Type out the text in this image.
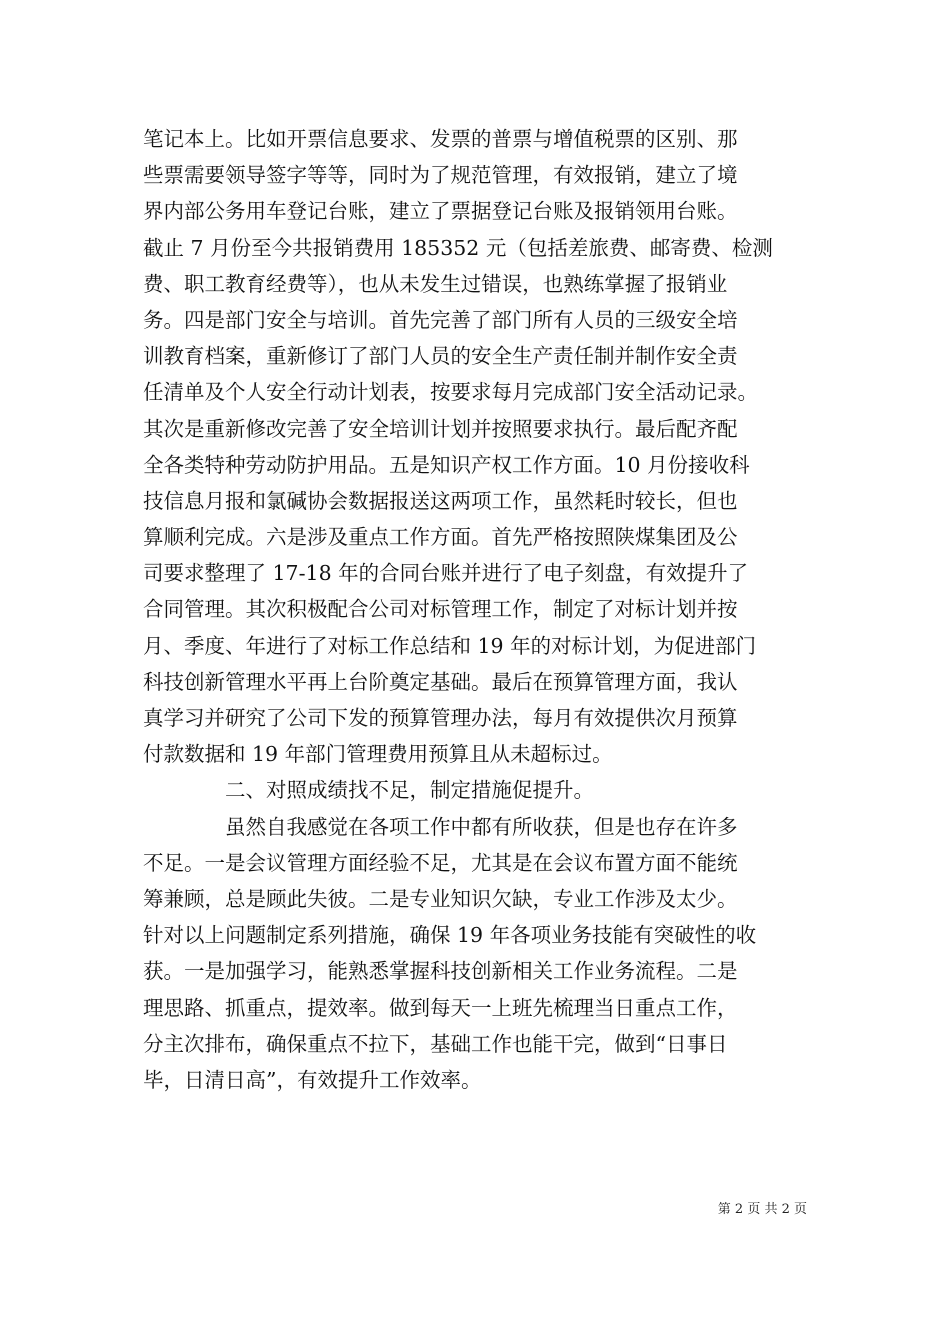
笔记本上。比如开票信息要求、发票的普票与增值税票的区别、那
些票需要领导签字等等，同时为了规范管理，有效报销，建立了境
界内部公务用车登记台账，建立了票据登记台账及报销领用台账。
截止 7 月份至今共报销费用 185352 元（包括差旅费、邮寄费、检测
费、职工教育经费等），也从未发生过错误，也熟练掌握了报销业
务。四是部门安全与培训。首先完善了部门所有人员的三级安全培
训教育档案，重新修订了部门人员的安全生产责任制并制作安全责
任清单及个人安全行动计划表，按要求每月完成部门安全活动记录。
其次是重新修改完善了安全培训计划并按照要求执行。最后配齐配
全各类特种劳动防护用品。五是知识产权工作方面。10 月份接收科
技信息月报和氯碱协会数据报送这两项工作，虽然耗时较长，但也
算顺利完成。六是涉及重点工作方面。首先严格按照陕煤集团及公
司要求整理了 17-18 年的合同台账并进行了电子刻盘，有效提升了
合同管理。其次积极配合公司对标管理工作，制定了对标计划并按
月、季度、年进行了对标工作总结和 19 年的对标计划，为促进部门
科技创新管理水平再上台阶奠定基础。最后在预算管理方面，我认
真学习并研究了公司下发的预算管理办法，每月有效提供次月预算
付款数据和 19 年部门管理费用预算且从未超标过。
　　　　二、对照成绩找不足，制定措施促提升。
　　　　虽然自我感觉在各项工作中都有所收获，但是也存在许多
不足。一是会议管理方面经验不足，尤其是在会议布置方面不能统
筹兼顾，总是顾此失彼。二是专业知识欠缺，专业工作涉及太少。
针对以上问题制定系列措施，确保 19 年各项业务技能有突破性的收
获。一是加强学习，能熟悉掌握科技创新相关工作业务流程。二是
理思路、抓重点，提效率。做到每天一上班先梳理当日重点工作，
分主次排布，确保重点不拉下，基础工作也能干完，做到“日事日
毕，日清日高”，有效提升工作效率。
第 2 页 共 2 页
